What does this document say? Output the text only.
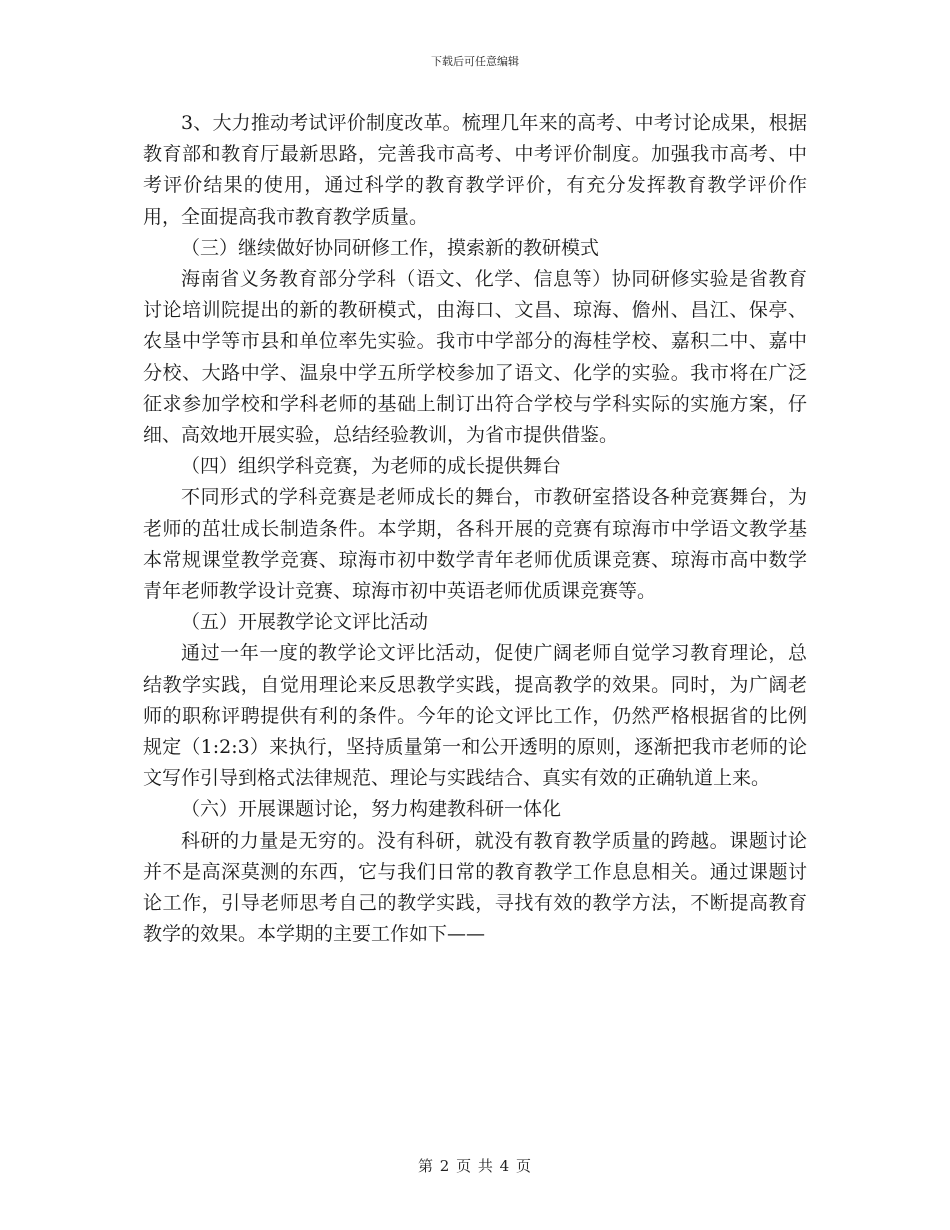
下载后可任意编辑

3、大力推动考试评价制度改革。梳理几年来的高考、中考讨论成果，根据教育部和教育厅最新思路，完善我市高考、中考评价制度。加强我市高考、中考评价结果的使用，通过科学的教育教学评价，有充分发挥教育教学评价作用，全面提高我市教育教学质量。

（三）继续做好协同研修工作，摸索新的教研模式

海南省义务教育部分学科（语文、化学、信息等）协同研修实验是省教育讨论培训院提出的新的教研模式，由海口、文昌、琼海、儋州、昌江、保亭、农垦中学等市县和单位率先实验。我市中学部分的海桂学校、嘉积二中、嘉中分校、大路中学、温泉中学五所学校参加了语文、化学的实验。我市将在广泛征求参加学校和学科老师的基础上制订出符合学校与学科实际的实施方案，仔细、高效地开展实验，总结经验教训，为省市提供借鉴。

（四）组织学科竞赛，为老师的成长提供舞台

不同形式的学科竞赛是老师成长的舞台，市教研室搭设各种竞赛舞台，为老师的茁壮成长制造条件。本学期，各科开展的竞赛有琼海市中学语文教学基本常规课堂教学竞赛、琼海市初中数学青年老师优质课竞赛、琼海市高中数学青年老师教学设计竞赛、琼海市初中英语老师优质课竞赛等。

（五）开展教学论文评比活动

通过一年一度的教学论文评比活动，促使广阔老师自觉学习教育理论，总结教学实践，自觉用理论来反思教学实践，提高教学的效果。同时，为广阔老师的职称评聘提供有利的条件。今年的论文评比工作，仍然严格根据省的比例规定（1:2:3）来执行，坚持质量第一和公开透明的原则，逐渐把我市老师的论文写作引导到格式法律规范、理论与实践结合、真实有效的正确轨道上来。

（六）开展课题讨论，努力构建教科研一体化

科研的力量是无穷的。没有科研，就没有教育教学质量的跨越。课题讨论并不是高深莫测的东西，它与我们日常的教育教学工作息息相关。通过课题讨论工作，引导老师思考自己的教学实践，寻找有效的教学方法，不断提高教育教学的效果。本学期的主要工作如下——

第 2 页 共 4 页
